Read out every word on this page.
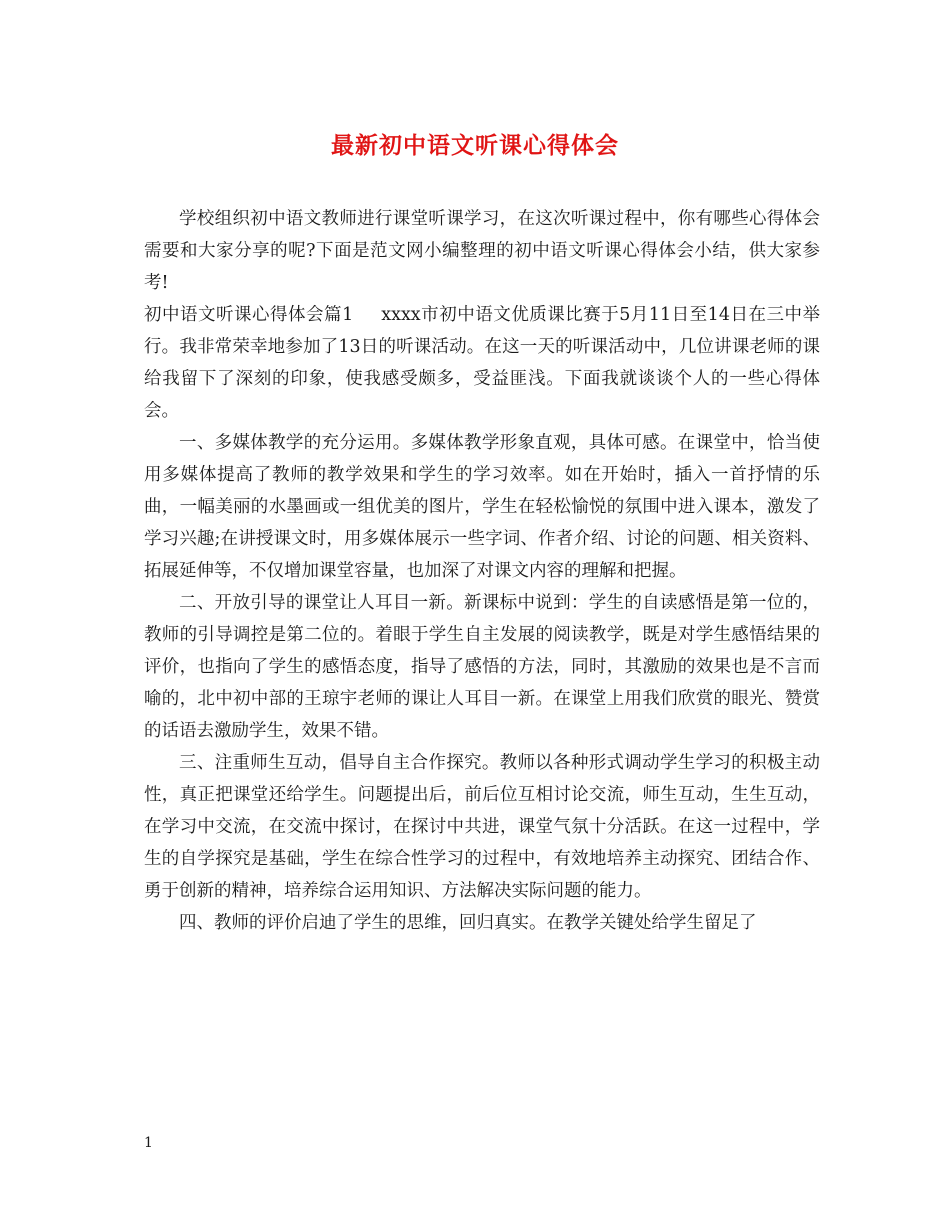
最新初中语文听课心得体会

学校组织初中语文教师进行课堂听课学习，在这次听课过程中，你有哪些心得体会需要和大家分享的呢?下面是范文网小编整理的初中语文听课心得体会小结，供大家参考!

初中语文听课心得体会篇1 xxxx市初中语文优质课比赛于5月11日至14日在三中举行。我非常荣幸地参加了13日的听课活动。在这一天的听课活动中，几位讲课老师的课给我留下了深刻的印象，使我感受颇多，受益匪浅。下面我就谈谈个人的一些心得体会。

一、多媒体教学的充分运用。多媒体教学形象直观，具体可感。在课堂中，恰当使用多媒体提高了教师的教学效果和学生的学习效率。如在开始时，插入一首抒情的乐曲，一幅美丽的水墨画或一组优美的图片，学生在轻松愉悦的氛围中进入课本，激发了学习兴趣;在讲授课文时，用多媒体展示一些字词、作者介绍、讨论的问题、相关资料、拓展延伸等，不仅增加课堂容量，也加深了对课文内容的理解和把握。

二、开放引导的课堂让人耳目一新。新课标中说到：学生的自读感悟是第一位的，教师的引导调控是第二位的。着眼于学生自主发展的阅读教学，既是对学生感悟结果的评价，也指向了学生的感悟态度，指导了感悟的方法，同时，其激励的效果也是不言而喻的，北中初中部的王琼宇老师的课让人耳目一新。在课堂上用我们欣赏的眼光、赞赏的话语去激励学生，效果不错。

三、注重师生互动，倡导自主合作探究。教师以各种形式调动学生学习的积极主动性，真正把课堂还给学生。问题提出后，前后位互相讨论交流，师生互动，生生互动，在学习中交流，在交流中探讨，在探讨中共进，课堂气氛十分活跃。在这一过程中，学生的自学探究是基础，学生在综合性学习的过程中，有效地培养主动探究、团结合作、勇于创新的精神，培养综合运用知识、方法解决实际问题的能力。

四、教师的评价启迪了学生的思维，回归真实。在教学关键处给学生留足了

1
